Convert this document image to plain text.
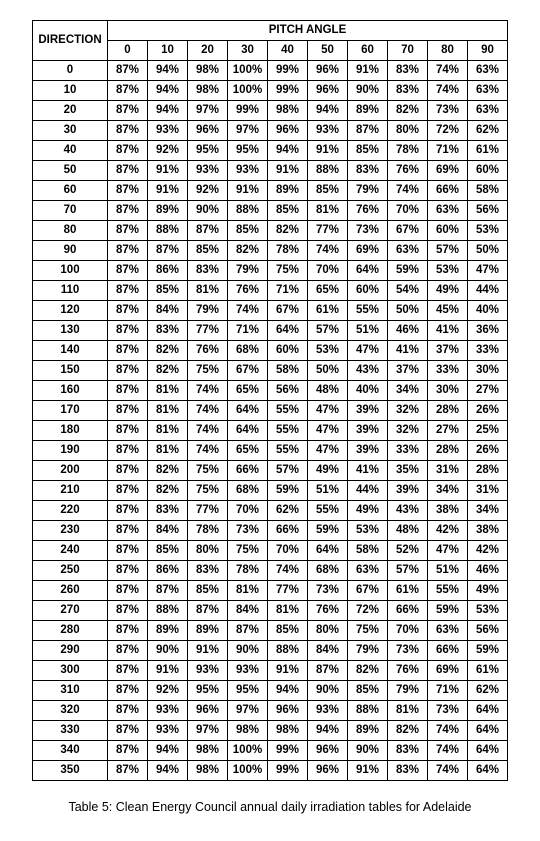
DIRECTION	PITCH ANGLE									
	0	10	20	30	40	50	60	70	80	90
0	87%	94%	98%	100%	99%	96%	91%	83%	74%	63%
10	87%	94%	98%	100%	99%	96%	90%	83%	74%	63%
20	87%	94%	97%	99%	98%	94%	89%	82%	73%	63%
30	87%	93%	96%	97%	96%	93%	87%	80%	72%	62%
40	87%	92%	95%	95%	94%	91%	85%	78%	71%	61%
50	87%	91%	93%	93%	91%	88%	83%	76%	69%	60%
60	87%	91%	92%	91%	89%	85%	79%	74%	66%	58%
70	87%	89%	90%	88%	85%	81%	76%	70%	63%	56%
80	87%	88%	87%	85%	82%	77%	73%	67%	60%	53%
90	87%	87%	85%	82%	78%	74%	69%	63%	57%	50%
100	87%	86%	83%	79%	75%	70%	64%	59%	53%	47%
110	87%	85%	81%	76%	71%	65%	60%	54%	49%	44%
120	87%	84%	79%	74%	67%	61%	55%	50%	45%	40%
130	87%	83%	77%	71%	64%	57%	51%	46%	41%	36%
140	87%	82%	76%	68%	60%	53%	47%	41%	37%	33%
150	87%	82%	75%	67%	58%	50%	43%	37%	33%	30%
160	87%	81%	74%	65%	56%	48%	40%	34%	30%	27%
170	87%	81%	74%	64%	55%	47%	39%	32%	28%	26%
180	87%	81%	74%	64%	55%	47%	39%	32%	27%	25%
190	87%	81%	74%	65%	55%	47%	39%	33%	28%	26%
200	87%	82%	75%	66%	57%	49%	41%	35%	31%	28%
210	87%	82%	75%	68%	59%	51%	44%	39%	34%	31%
220	87%	83%	77%	70%	62%	55%	49%	43%	38%	34%
230	87%	84%	78%	73%	66%	59%	53%	48%	42%	38%
240	87%	85%	80%	75%	70%	64%	58%	52%	47%	42%
250	87%	86%	83%	78%	74%	68%	63%	57%	51%	46%
260	87%	87%	85%	81%	77%	73%	67%	61%	55%	49%
270	87%	88%	87%	84%	81%	76%	72%	66%	59%	53%
280	87%	89%	89%	87%	85%	80%	75%	70%	63%	56%
290	87%	90%	91%	90%	88%	84%	79%	73%	66%	59%
300	87%	91%	93%	93%	91%	87%	82%	76%	69%	61%
310	87%	92%	95%	95%	94%	90%	85%	79%	71%	62%
320	87%	93%	96%	97%	96%	93%	88%	81%	73%	64%
330	87%	93%	97%	98%	98%	94%	89%	82%	74%	64%
340	87%	94%	98%	100%	99%	96%	90%	83%	74%	64%
350	87%	94%	98%	100%	99%	96%	91%	83%	74%	64%
Table 5: Clean Energy Council annual daily irradiation tables for Adelaide
